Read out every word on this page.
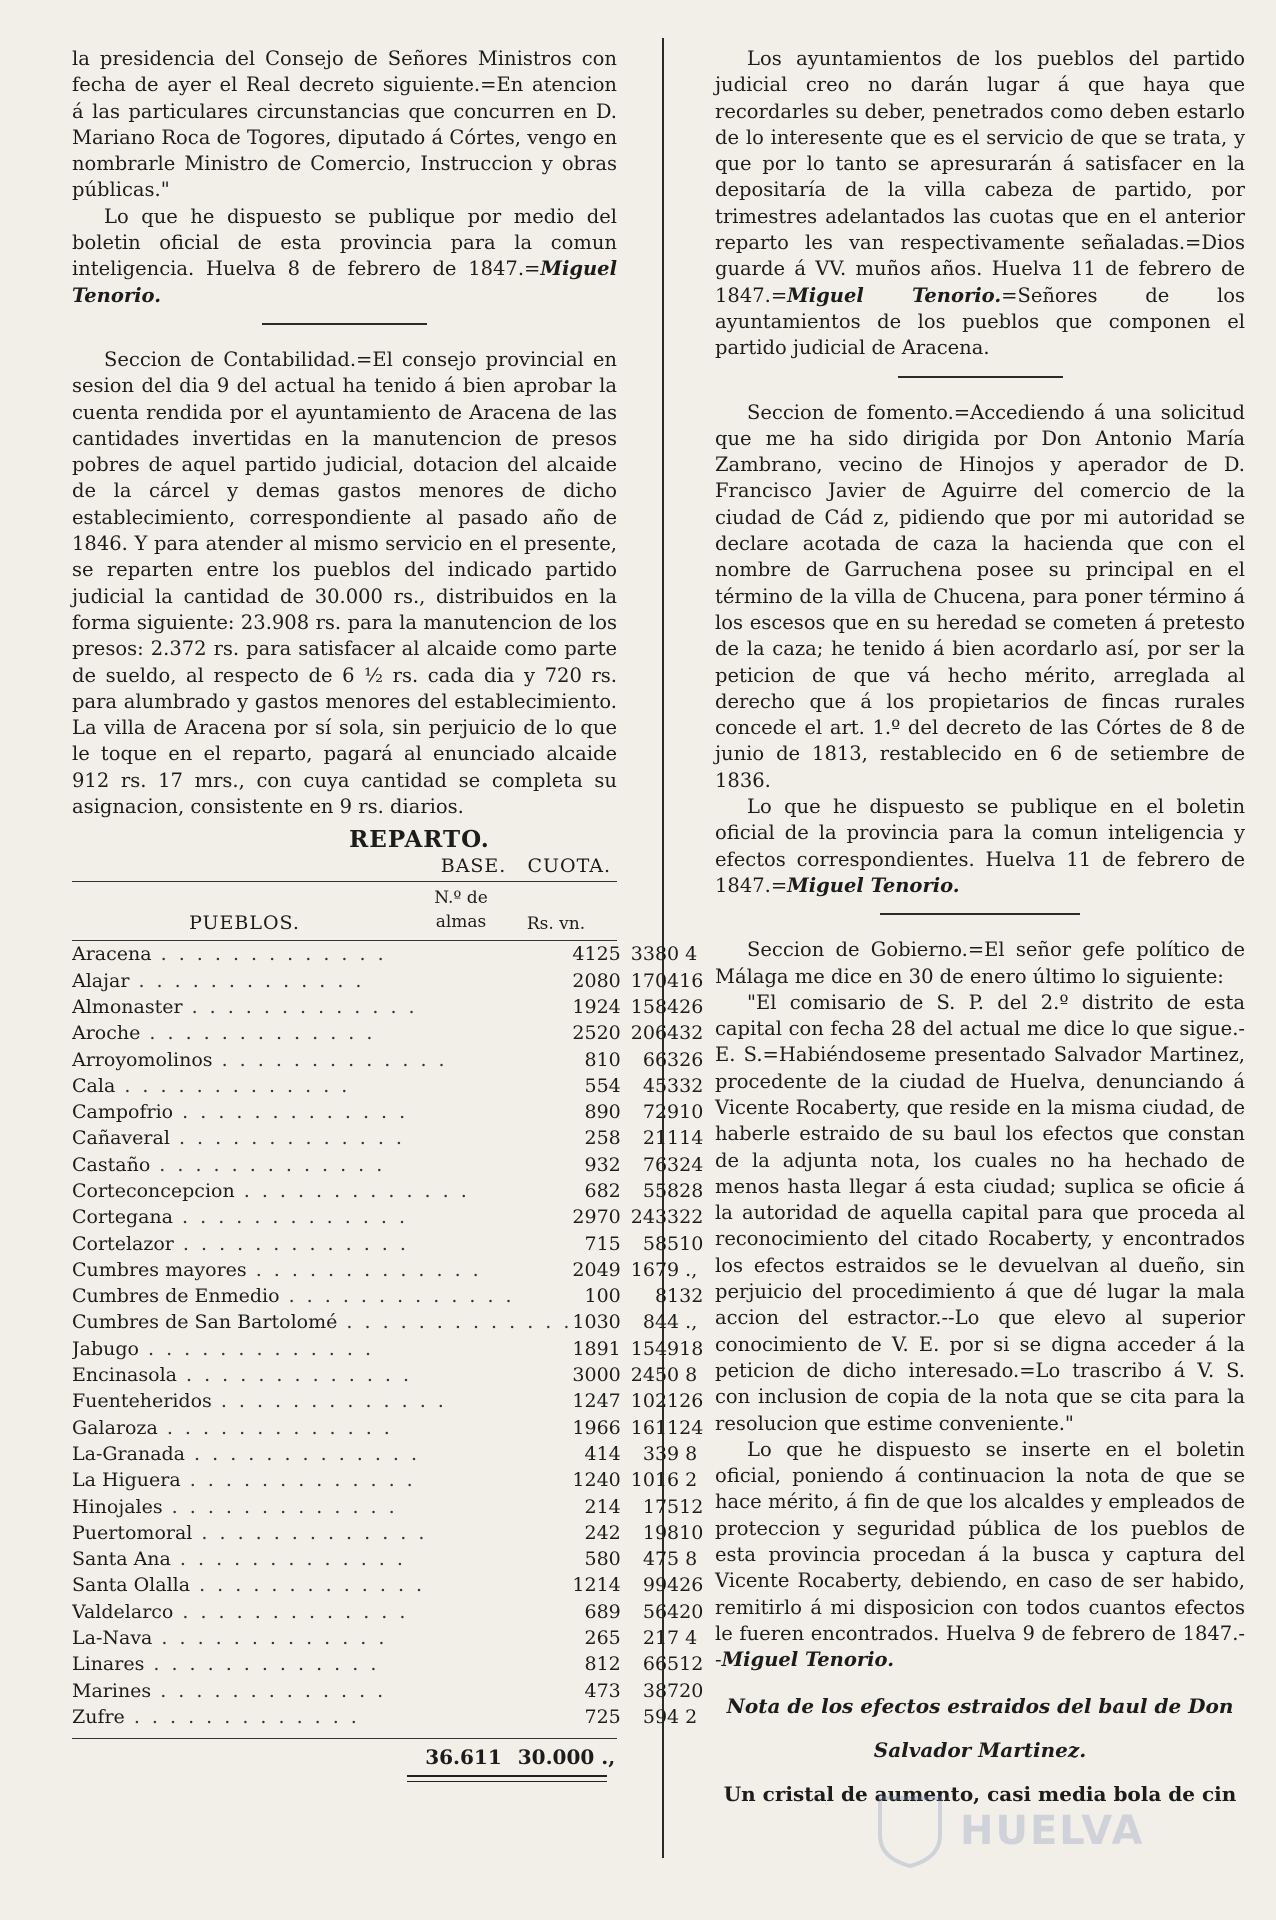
la presidencia del Consejo de Señores Ministros con fecha de ayer el Real decreto siguiente.=En atencion á las particulares circunstancias que concurren en D. Mariano Roca de Togores, diputado á Córtes, vengo en nombrarle Ministro de Comercio, Instruccion y obras públicas."

Lo que he dispuesto se publique por medio del boletin oficial de esta provincia para la comun inteligencia. Huelva 8 de febrero de 1847.=Miguel Tenorio.

Seccion de Contabilidad.=El consejo provincial en sesion del dia 9 del actual ha tenido á bien aprobar la cuenta rendida por el ayuntamiento de Aracena de las cantidades invertidas en la manutencion de presos pobres de aquel partido judicial, dotacion del alcaide de la cárcel y demas gastos menores de dicho establecimiento, correspondiente al pasado año de 1846. Y para atender al mismo servicio en el presente, se reparten entre los pueblos del indicado partido judicial la cantidad de 30.000 rs., distribuidos en la forma siguiente: 23.908 rs. para la manutencion de los presos: 2.372 rs. para satisfacer al alcaide como parte de sueldo, al respecto de 6 ½ rs. cada dia y 720 rs. para alumbrado y gastos menores del establecimiento. La villa de Aracena por sí sola, sin perjuicio de lo que le toque en el reparto, pagará al enunciado alcaide 912 rs. 17 mrs., con cuya cantidad se completa su asignacion, consistente en 9 rs. diarios.

REPARTO.
BASE. CUOTA.
PUEBLOS.
N.º de almas	Rs. vn.
Aracena . . . . . . . . . . . . .	4125	3380	4
Alajar . . . . . . . . . . . . .	2080	1704	16
Almonaster . . . . . . . . . . . . .	1924	1584	26
Aroche . . . . . . . . . . . . .	2520	2064	32
Arroyomolinos . . . . . . . . . . . . .	810	663	26
Cala . . . . . . . . . . . . .	554	453	32
Campofrio . . . . . . . . . . . . .	890	729	10
Cañaveral . . . . . . . . . . . . .	258	211	14
Castaño . . . . . . . . . . . . .	932	763	24
Corteconcepcion . . . . . . . . . . . . .	682	558	28
Cortegana . . . . . . . . . . . . .	2970	2433	22
Cortelazor . . . . . . . . . . . . .	715	585	10
Cumbres mayores . . . . . . . . . . . . .	2049	1679	.,
Cumbres de Enmedio . . . . . . . . . . . . .	100	81	32
Cumbres de San Bartolomé . . . . . . . . . . . . .	1030	844	.,
Jabugo . . . . . . . . . . . . .	1891	1549	18
Encinasola . . . . . . . . . . . . .	3000	2450	8
Fuenteheridos . . . . . . . . . . . . .	1247	1021	26
Galaroza . . . . . . . . . . . . .	1966	1611	24
La-Granada . . . . . . . . . . . . .	414	339	8
La Higuera . . . . . . . . . . . . .	1240	1016	2
Hinojales . . . . . . . . . . . . .	214	175	12
Puertomoral . . . . . . . . . . . . .	242	198	10
Santa Ana . . . . . . . . . . . . .	580	475	8
Santa Olalla . . . . . . . . . . . . .	1214	994	26
Valdelarco . . . . . . . . . . . . .	689	564	20
La-Nava . . . . . . . . . . . . .	265	217	4
Linares . . . . . . . . . . . . .	812	665	12
Marines . . . . . . . . . . . . .	473	387	20
Zufre . . . . . . . . . . . . .	725	594	2
36.611 30.000 .,

Los ayuntamientos de los pueblos del partido judicial creo no darán lugar á que haya que recordarles su deber, penetrados como deben estarlo de lo interesente que es el servicio de que se trata, y que por lo tanto se apresurarán á satisfacer en la depositaría de la villa cabeza de partido, por trimestres adelantados las cuotas que en el anterior reparto les van respectivamente señaladas.=Dios guarde á VV. muños años. Huelva 11 de febrero de 1847.=Miguel Tenorio.=Señores de los ayuntamientos de los pueblos que componen el partido judicial de Aracena.

Seccion de fomento.=Accediendo á una solicitud que me ha sido dirigida por Don Antonio María Zambrano, vecino de Hinojos y aperador de D. Francisco Javier de Aguirre del comercio de la ciudad de Cád z, pidiendo que por mi autoridad se declare acotada de caza la hacienda que con el nombre de Garruchena posee su principal en el término de la villa de Chucena, para poner término á los escesos que en su heredad se cometen á pretesto de la caza; he tenido á bien acordarlo así, por ser la peticion de que vá hecho mérito, arreglada al derecho que á los propietarios de fincas rurales concede el art. 1.º del decreto de las Córtes de 8 de junio de 1813, restablecido en 6 de setiembre de 1836.

Lo que he dispuesto se publique en el boletin oficial de la provincia para la comun inteligencia y efectos correspondientes. Huelva 11 de febrero de 1847.=Miguel Tenorio.

Seccion de Gobierno.=El señor gefe político de Málaga me dice en 30 de enero último lo siguiente:

"El comisario de S. P. del 2.º distrito de esta capital con fecha 28 del actual me dice lo que sigue.-E. S.=Habiéndoseme presentado Salvador Martinez, procedente de la ciudad de Huelva, denunciando á Vicente Rocaberty, que reside en la misma ciudad, de haberle estraido de su baul los efectos que constan de la adjunta nota, los cuales no ha hechado de menos hasta llegar á esta ciudad; suplica se oficie á la autoridad de aquella capital para que proceda al reconocimiento del citado Rocaberty, y encontrados los efectos estraidos se le devuelvan al dueño, sin perjuicio del procedimiento á que dé lugar la mala accion del estractor.--Lo que elevo al superior conocimiento de V. E. por si se digna acceder á la peticion de dicho interesado.=Lo trascribo á V. S. con inclusion de copia de la nota que se cita para la resolucion que estime conveniente."

Lo que he dispuesto se inserte en el boletin oficial, poniendo á continuacion la nota de que se hace mérito, á fin de que los alcaldes y empleados de proteccion y seguridad pública de los pueblos de esta provincia procedan á la busca y captura del Vicente Rocaberty, debiendo, en caso de ser habido, remitirlo á mi disposicion con todos cuantos efectos le fueren encontrados. Huelva 9 de febrero de 1847.--Miguel Tenorio.

Nota de los efectos estraidos del baul de Don Salvador Martinez.
Un cristal de aumento, casi media bola de cin
HUELVA
